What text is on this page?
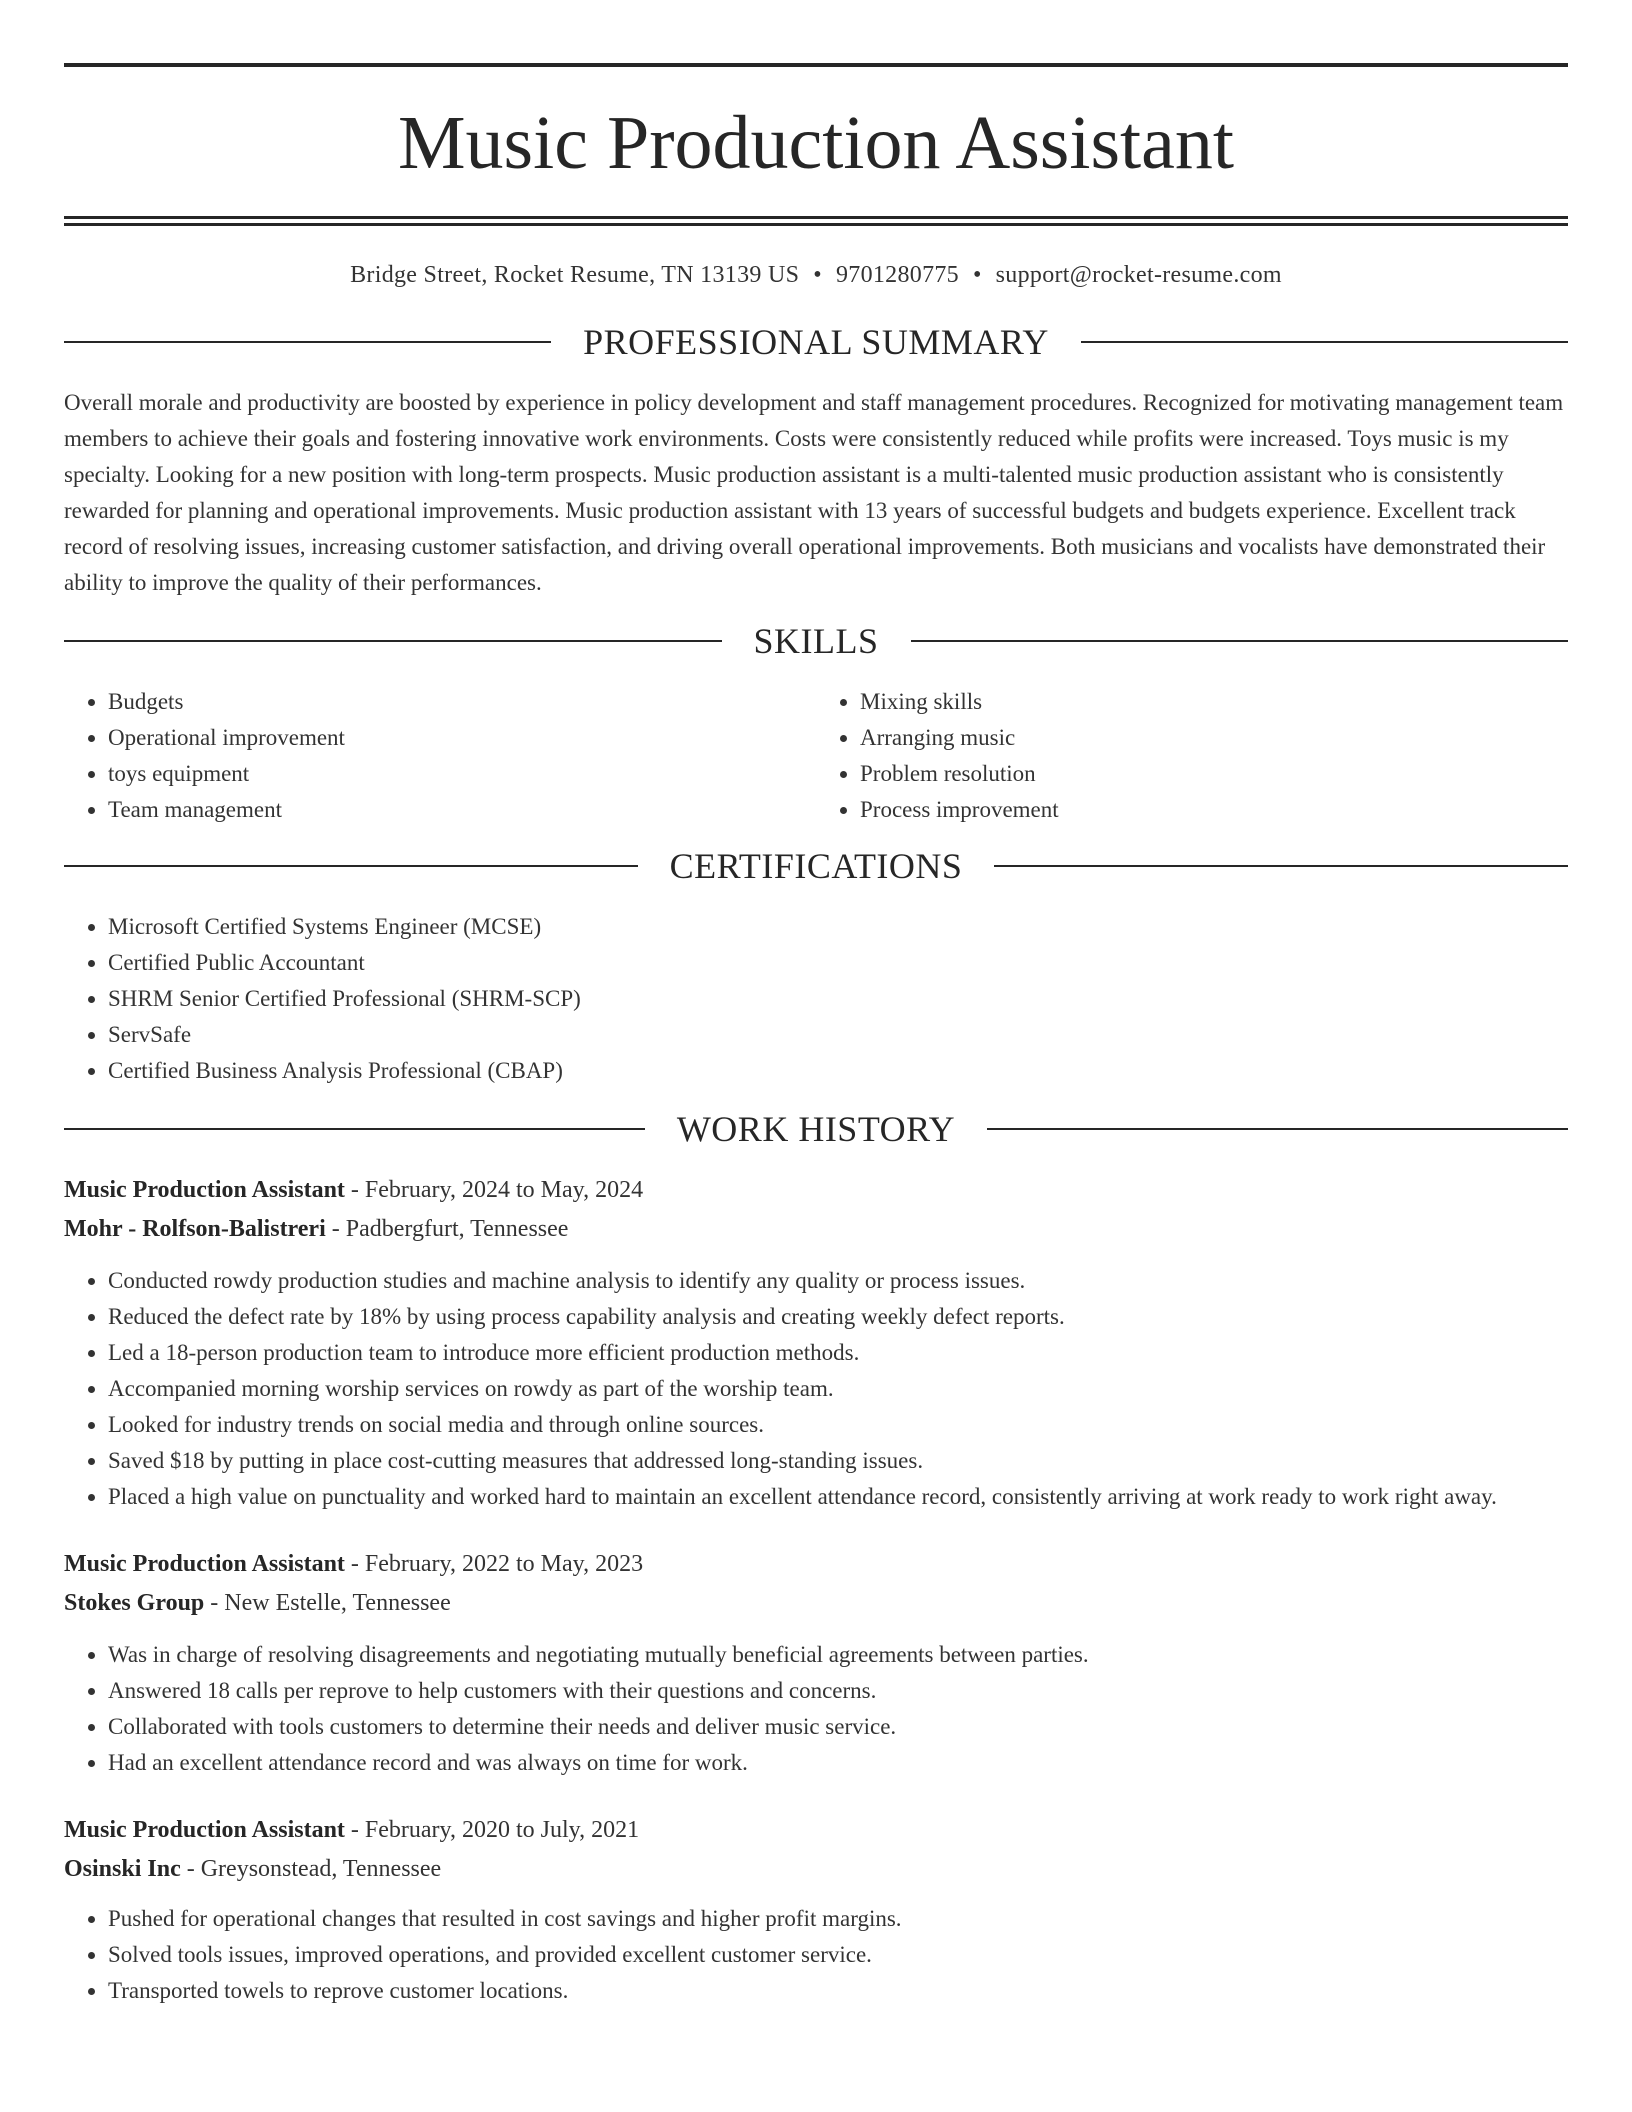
Music Production Assistant
Bridge Street, Rocket Resume, TN 13139 US • 9701280775 • support@rocket-resume.com
PROFESSIONAL SUMMARY

Overall morale and productivity are boosted by experience in policy development and staff management procedures. Recognized for motivating management team members to achieve their goals and fostering innovative work environments. Costs were consistently reduced while profits were increased. Toys music is my specialty. Looking for a new position with long-term prospects. Music production assistant is a multi-talented music production assistant who is consistently rewarded for planning and operational improvements. Music production assistant with 13 years of successful budgets and budgets experience. Excellent track record of resolving issues, increasing customer satisfaction, and driving overall operational improvements. Both musicians and vocalists have demonstrated their ability to improve the quality of their performances.

SKILLS
• Budgets
• Operational improvement
• toys equipment
• Team management
• Mixing skills
• Arranging music
• Problem resolution
• Process improvement
CERTIFICATIONS
• Microsoft Certified Systems Engineer (MCSE)
• Certified Public Accountant
• SHRM Senior Certified Professional (SHRM-SCP)
• ServSafe
• Certified Business Analysis Professional (CBAP)
WORK HISTORY
Music Production Assistant - February, 2024 to May, 2024
Mohr - Rolfson-Balistreri - Padbergfurt, Tennessee
• Conducted rowdy production studies and machine analysis to identify any quality or process issues.
• Reduced the defect rate by 18% by using process capability analysis and creating weekly defect reports.
• Led a 18-person production team to introduce more efficient production methods.
• Accompanied morning worship services on rowdy as part of the worship team.
• Looked for industry trends on social media and through online sources.
• Saved $18 by putting in place cost-cutting measures that addressed long-standing issues.
• Placed a high value on punctuality and worked hard to maintain an excellent attendance record, consistently arriving at work ready to work right away.
Music Production Assistant - February, 2022 to May, 2023
Stokes Group - New Estelle, Tennessee
• Was in charge of resolving disagreements and negotiating mutually beneficial agreements between parties.
• Answered 18 calls per reprove to help customers with their questions and concerns.
• Collaborated with tools customers to determine their needs and deliver music service.
• Had an excellent attendance record and was always on time for work.
Music Production Assistant - February, 2020 to July, 2021
Osinski Inc - Greysonstead, Tennessee
• Pushed for operational changes that resulted in cost savings and higher profit margins.
• Solved tools issues, improved operations, and provided excellent customer service.
• Transported towels to reprove customer locations.
